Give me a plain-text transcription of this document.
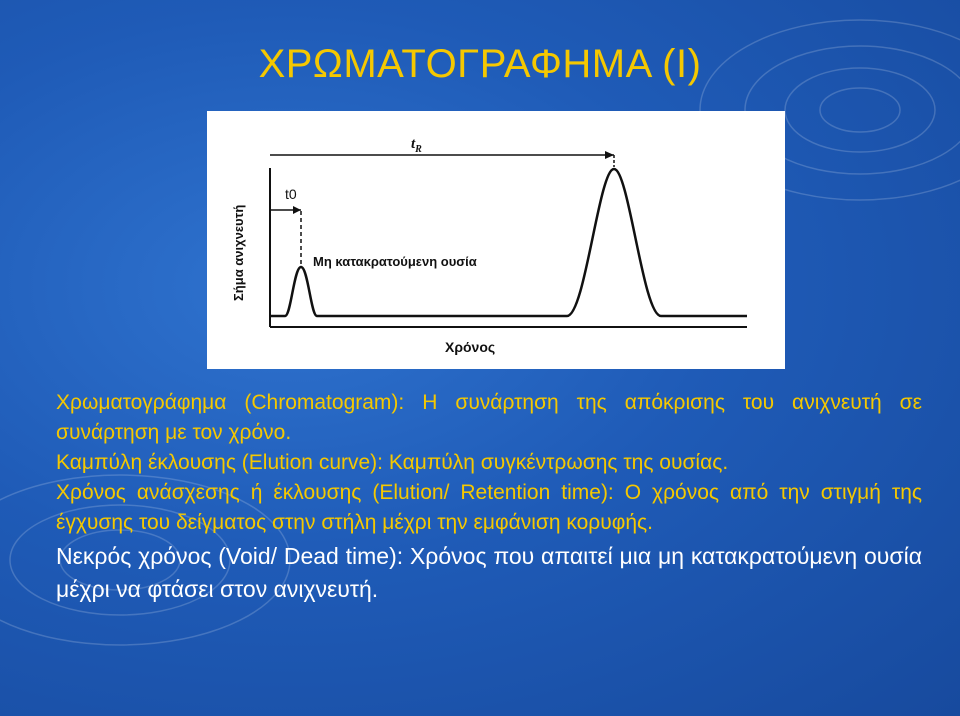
ΧΡΩΜΑΤΟΓΡΑΦΗΜΑ (Ι)
Σήμα ανιχνευτή
Χρόνος
t0
$t_R$
Μη κατακρατούμενη ουσία

Χρωματογράφημα (Chromatogram): Η συνάρτηση της απόκρισης του ανιχνευτή σε συνάρτηση με τον χρόνο.

Καμπύλη έκλουσης (Elution curve): Καμπύλη συγκέντρωσης της ουσίας.

Χρόνος ανάσχεσης ή έκλουσης (Elution/ Retention time): O χρόνος από την στιγμή της έγχυσης του δείγματος στην στήλη μέχρι την εμφάνιση κορυφής.

Νεκρός χρόνος (Void/ Dead time): Χρόνος που απαιτεί μια μη κατακρατούμενη ουσία μέχρι να φτάσει στον ανιχνευτή.
